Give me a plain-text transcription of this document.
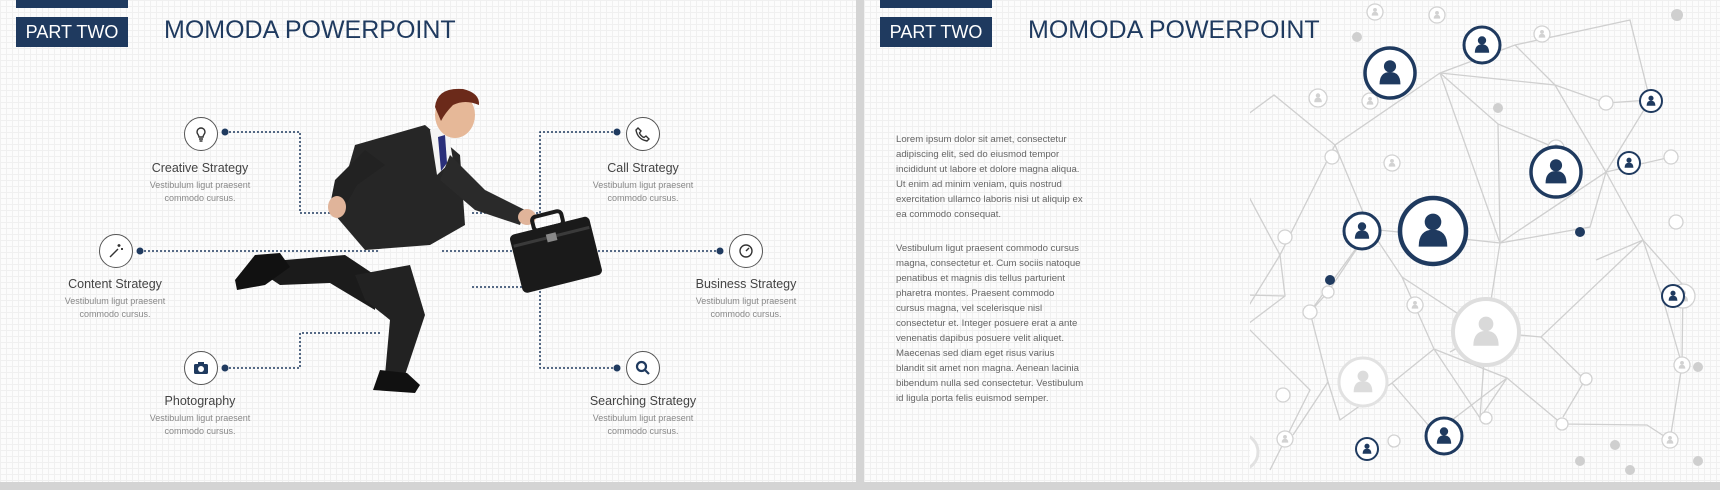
PART TWO	MOMODA POWERPOINT
Creative Strategy
Vestibulum ligut praesent
commodo cursus.
Content Strategy
Vestibulum ligut praesent
commodo cursus.
Photography
Vestibulum ligut praesent
commodo cursus.
Call Strategy
Vestibulum ligut praesent
commodo cursus.
Business Strategy
Vestibulum ligut praesent
commodo cursus.
Searching Strategy
Vestibulum ligut praesent
commodo cursus.
PART TWO	MOMODA POWERPOINT

Lorem ipsum dolor sit amet, consectetur adipiscing elit, sed do eiusmod tempor incididunt ut labore et dolore magna aliqua. Ut enim ad minim veniam, quis nostrud exercitation ullamco laboris nisi ut aliquip ex ea commodo consequat.

Vestibulum ligut praesent commodo cursus magna, consectetur et. Cum sociis natoque penatibus et magnis dis tellus parturient pharetra montes. Praesent commodo cursus magna, vel scelerisque nisl consectetur et. Integer posuere erat a ante venenatis dapibus posuere velit aliquet. Maecenas sed diam eget risus varius blandit sit amet non magna. Aenean lacinia bibendum nulla sed consectetur. Vestibulum id ligula porta felis euismod semper.
